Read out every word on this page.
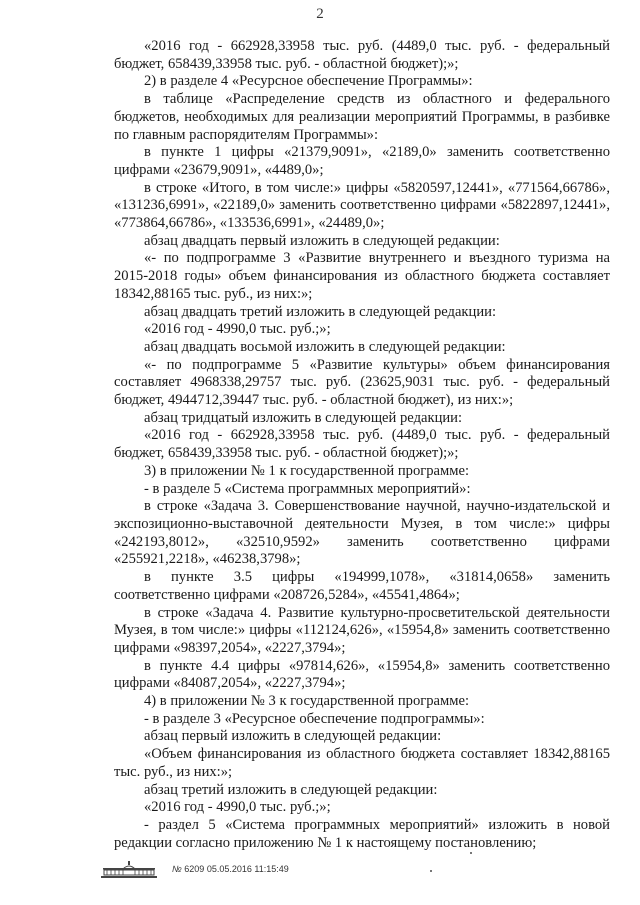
2

«2016 год - 662928,33958 тыс. руб. (4489,0 тыс. руб. - федеральный бюджет, 658439,33958 тыс. руб. - областной бюджет);»;

2) в разделе 4 «Ресурсное обеспечение Программы»:

в таблице «Распределение средств из областного и федерального бюджетов, необходимых для реализации мероприятий Программы, в разбивке по главным распорядителям Программы»:

в пункте 1 цифры «21379,9091», «2189,0» заменить соответственно цифрами «23679,9091», «4489,0»;

в строке «Итого, в том числе:» цифры «5820597,12441», «771564,66786», «131236,6991», «22189,0» заменить соответственно цифрами «5822897,12441», «773864,66786», «133536,6991», «24489,0»;

абзац двадцать первый изложить в следующей редакции:

«- по подпрограмме 3 «Развитие внутреннего и въездного туризма на 2015-2018 годы» объем финансирования из областного бюджета составляет 18342,88165 тыс. руб., из них:»;

абзац двадцать третий изложить в следующей редакции:

«2016 год - 4990,0 тыс. руб.;»;

абзац двадцать восьмой изложить в следующей редакции:

«- по подпрограмме 5 «Развитие культуры» объем финансирования составляет 4968338,29757 тыс. руб. (23625,9031 тыс. руб. - федеральный бюджет, 4944712,39447 тыс. руб. - областной бюджет), из них:»;

абзац тридцатый изложить в следующей редакции:

«2016 год - 662928,33958 тыс. руб. (4489,0 тыс. руб. - федеральный бюджет, 658439,33958 тыс. руб. - областной бюджет);»;

3) в приложении № 1 к государственной программе:

- в разделе 5 «Система программных мероприятий»:

в строке «Задача 3. Совершенствование научной, научно-издательской и экспозиционно-выставочной деятельности Музея, в том числе:» цифры «242193,8012», «32510,9592» заменить соответственно цифрами «255921,2218», «46238,3798»;

в пункте 3.5 цифры «194999,1078», «31814,0658» заменить соответственно цифрами «208726,5284», «45541,4864»;

в строке «Задача 4. Развитие культурно-просветительской деятельности Музея, в том числе:» цифры «112124,626», «15954,8» заменить соответственно цифрами «98397,2054», «2227,3794»;

в пункте 4.4 цифры «97814,626», «15954,8» заменить соответственно цифрами «84087,2054», «2227,3794»;

4) в приложении № 3 к государственной программе:

- в разделе 3 «Ресурсное обеспечение подпрограммы»:

абзац первый изложить в следующей редакции:

«Объем финансирования из областного бюджета составляет 18342,88165 тыс. руб., из них:»;

абзац третий изложить в следующей редакции:

«2016 год - 4990,0 тыс. руб.;»;

- раздел 5 «Система программных мероприятий» изложить в новой редакции согласно приложению № 1 к настоящему постановлению;

№ 6209 05.05.2016 11:15:49
